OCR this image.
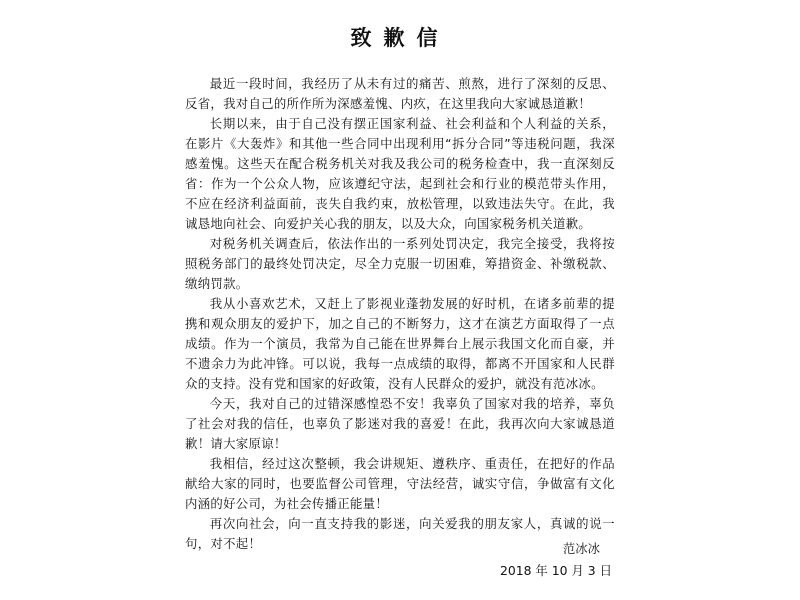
致歉信

最近一段时间，我经历了从未有过的痛苦、煎熬，进行了深刻的反思、反省，我对自己的所作所为深感羞愧、内疚，在这里我向大家诚恳道歉！

长期以来，由于自己没有摆正国家利益、社会利益和个人利益的关系，在影片《大轰炸》和其他一些合同中出现利用“拆分合同”等违税问题，我深感羞愧。这些天在配合税务机关对我及我公司的税务检查中，我一直深刻反省：作为一个公众人物，应该遵纪守法，起到社会和行业的模范带头作用，不应在经济利益面前，丧失自我约束，放松管理，以致违法失守。在此，我诚恳地向社会、向爱护关心我的朋友，以及大众，向国家税务机关道歉。

对税务机关调查后，依法作出的一系列处罚决定，我完全接受，我将按照税务部门的最终处罚决定，尽全力克服一切困难，筹措资金、补缴税款、缴纳罚款。

我从小喜欢艺术，又赶上了影视业蓬勃发展的好时机，在诸多前辈的提携和观众朋友的爱护下，加之自己的不断努力，这才在演艺方面取得了一点成绩。作为一个演员，我常为自己能在世界舞台上展示我国文化而自豪，并不遗余力为此冲锋。可以说，我每一点成绩的取得，都离不开国家和人民群众的支持。没有党和国家的好政策，没有人民群众的爱护，就没有范冰冰。

今天，我对自己的过错深感惶恐不安！我辜负了国家对我的培养，辜负了社会对我的信任，也辜负了影迷对我的喜爱！在此，我再次向大家诚恳道歉！请大家原谅！

我相信，经过这次整顿，我会讲规矩、遵秩序、重责任，在把好的作品献给大家的同时，也要监督公司管理，守法经营，诚实守信，争做富有文化内涵的好公司，为社会传播正能量！

再次向社会，向一直支持我的影迷，向关爱我的朋友家人，真诚的说一句，对不起！	范冰冰
2018 年 10 月 3 日
